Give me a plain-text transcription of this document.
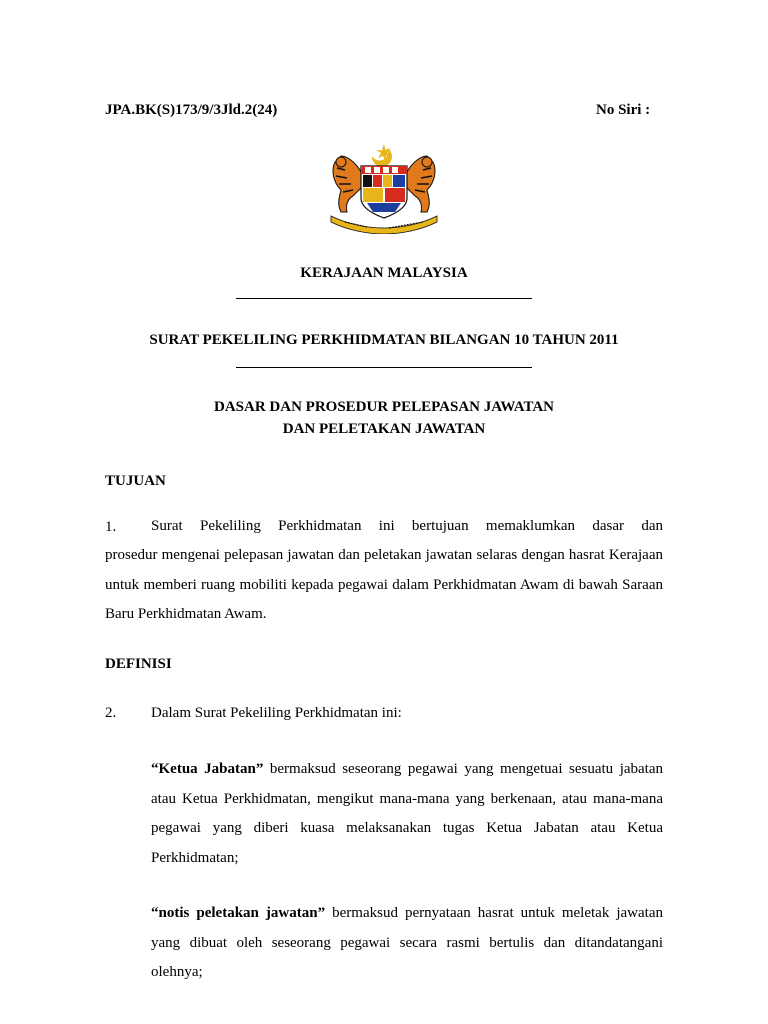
JPA.BK(S)173/9/3Jld.2(24)	No Siri :
KERAJAAN MALAYSIA
SURAT PEKELILING PERKHIDMATAN BILANGAN 10 TAHUN 2011
DASAR DAN PROSEDUR PELEPASAN JAWATAN
DAN PELETAKAN JAWATAN
TUJUAN
1. Surat Pekeliling Perkhidmatan ini bertujuan memaklumkan dasar dan
prosedur mengenai pelepasan jawatan dan peletakan jawatan selaras dengan hasrat Kerajaan untuk memberi ruang mobiliti kepada pegawai dalam Perkhidmatan Awam di bawah Saraan Baru Perkhidmatan Awam.
DEFINISI
2. Dalam Surat Pekeliling Perkhidmatan ini:
“Ketua Jabatan” bermaksud seseorang pegawai yang mengetuai sesuatu jabatan atau Ketua Perkhidmatan, mengikut mana-mana yang berkenaan, atau mana-mana pegawai yang diberi kuasa melaksanakan tugas Ketua Jabatan atau Ketua Perkhidmatan;
“notis peletakan jawatan” bermaksud pernyataan hasrat untuk meletak jawatan yang dibuat oleh seseorang pegawai secara rasmi bertulis dan ditandatangani olehnya;
